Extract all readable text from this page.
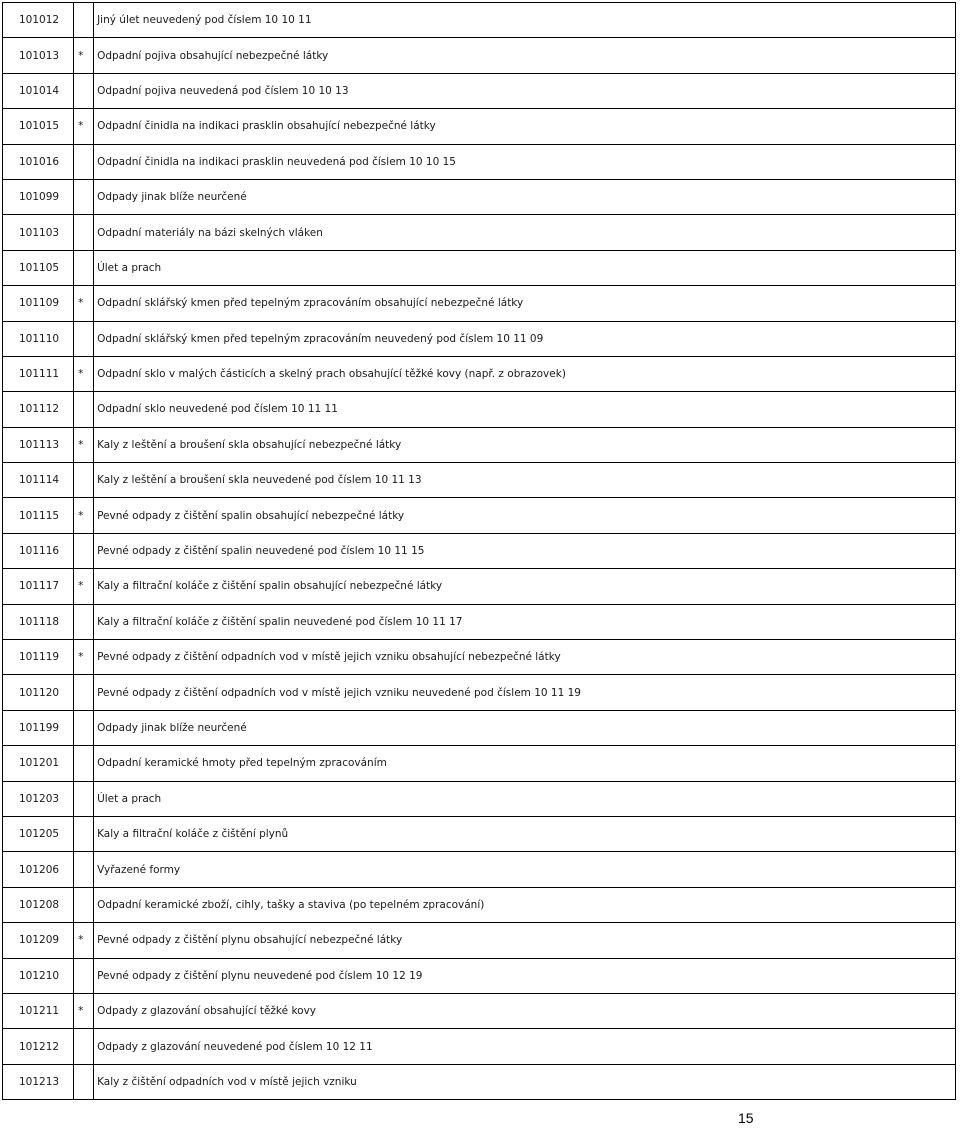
101012		Jiný úlet neuvedený pod číslem 10 10 11
101013	*	Odpadní pojiva obsahující nebezpečné látky
101014		Odpadní pojiva neuvedená pod číslem 10 10 13
101015	*	Odpadní činidla na indikaci prasklin obsahující nebezpečné látky
101016		Odpadní činidla na indikaci prasklin neuvedená pod číslem 10 10 15
101099		Odpady jinak blíže neurčené
101103		Odpadní materiály na bázi skelných vláken
101105		Úlet a prach
101109	*	Odpadní sklářský kmen před tepelným zpracováním obsahující nebezpečné látky
101110		Odpadní sklářský kmen před tepelným zpracováním neuvedený pod číslem 10 11 09
101111	*	Odpadní sklo v malých částicích a skelný prach obsahující těžké kovy (např. z obrazovek)
101112		Odpadní sklo neuvedené pod číslem 10 11 11
101113	*	Kaly z leštění a broušení skla obsahující nebezpečné látky
101114		Kaly z leštění a broušení skla neuvedené pod číslem 10 11 13
101115	*	Pevné odpady z čištění spalin obsahující nebezpečné látky
101116		Pevné odpady z čištění spalin neuvedené pod číslem 10 11 15
101117	*	Kaly a filtrační koláče z čištění spalin obsahující nebezpečné látky
101118		Kaly a filtrační koláče z čištění spalin neuvedené pod číslem 10 11 17
101119	*	Pevné odpady z čištění odpadních vod v místě jejich vzniku obsahující nebezpečné látky
101120		Pevné odpady z čištění odpadních vod v místě jejich vzniku neuvedené pod číslem 10 11 19
101199		Odpady jinak blíže neurčené
101201		Odpadní keramické hmoty před tepelným zpracováním
101203		Úlet a prach
101205		Kaly a filtrační koláče z čištění plynů
101206		Vyřazené formy
101208		Odpadní keramické zboží, cihly, tašky a staviva (po tepelném zpracování)
101209	*	Pevné odpady z čištění plynu obsahující nebezpečné látky
101210		Pevné odpady z čištění plynu neuvedené pod číslem 10 12 19
101211	*	Odpady z glazování obsahující těžké kovy
101212		Odpady z glazování neuvedené pod číslem 10 12 11
101213		Kaly z čištění odpadních vod v místě jejich vzniku
15
